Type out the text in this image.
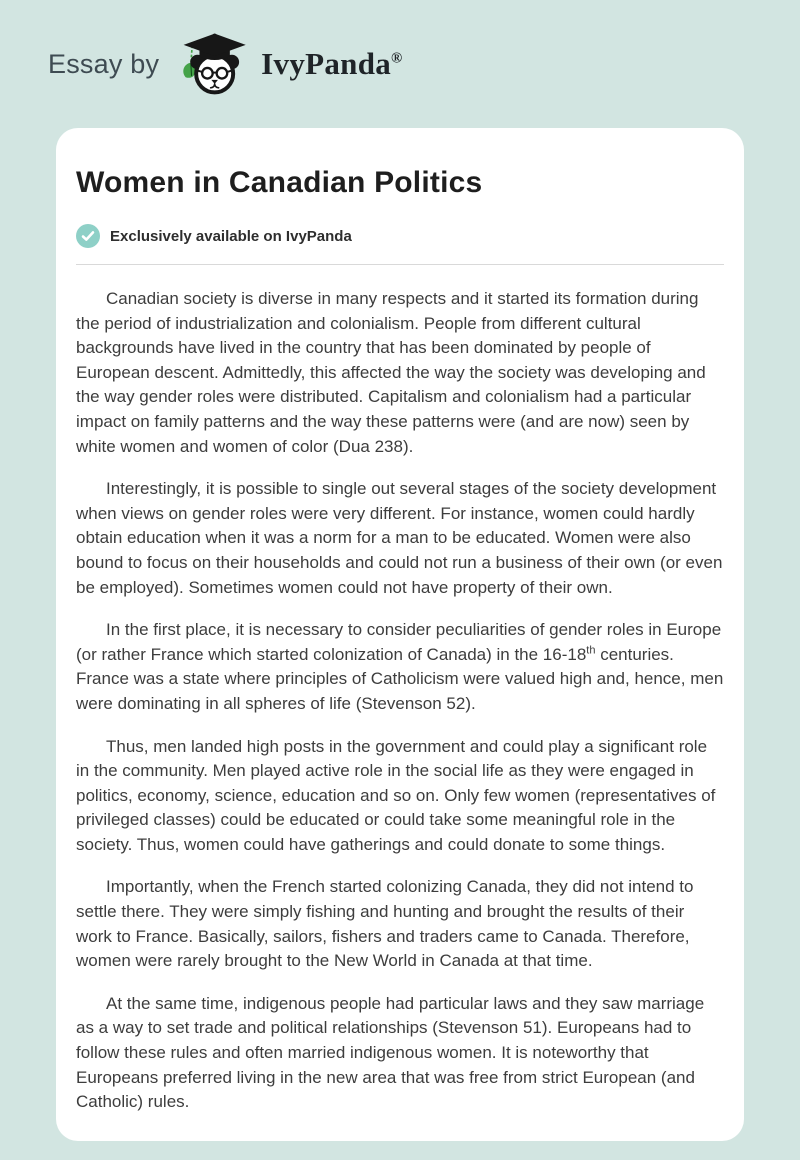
Essay by	IvyPanda®
Women in Canadian Politics
Exclusively available on IvyPanda

Canadian society is diverse in many respects and it started its formation during the period of industrialization and colonialism. People from different cultural backgrounds have lived in the country that has been dominated by people of European descent. Admittedly, this affected the way the society was developing and the way gender roles were distributed. Capitalism and colonialism had a particular impact on family patterns and the way these patterns were (and are now) seen by white women and women of color (Dua 238).

Interestingly, it is possible to single out several stages of the society development when views on gender roles were very different. For instance, women could hardly obtain education when it was a norm for a man to be educated. Women were also bound to focus on their households and could not run a business of their own (or even be employed). Sometimes women could not have property of their own.

In the first place, it is necessary to consider peculiarities of gender roles in Europe (or rather France which started colonization of Canada) in the 16-18th centuries. France was a state where principles of Catholicism were valued high and, hence, men were dominating in all spheres of life (Stevenson 52).

Thus, men landed high posts in the government and could play a significant role in the community. Men played active role in the social life as they were engaged in politics, economy, science, education and so on. Only few women (representatives of privileged classes) could be educated or could take some meaningful role in the society. Thus, women could have gatherings and could donate to some things.

Importantly, when the French started colonizing Canada, they did not intend to settle there. They were simply fishing and hunting and brought the results of their work to France. Basically, sailors, fishers and traders came to Canada. Therefore, women were rarely brought to the New World in Canada at that time.

At the same time, indigenous people had particular laws and they saw marriage as a way to set trade and political relationships (Stevenson 51). Europeans had to follow these rules and often married indigenous women. It is noteworthy that Europeans preferred living in the new area that was free from strict European (and Catholic) rules.
